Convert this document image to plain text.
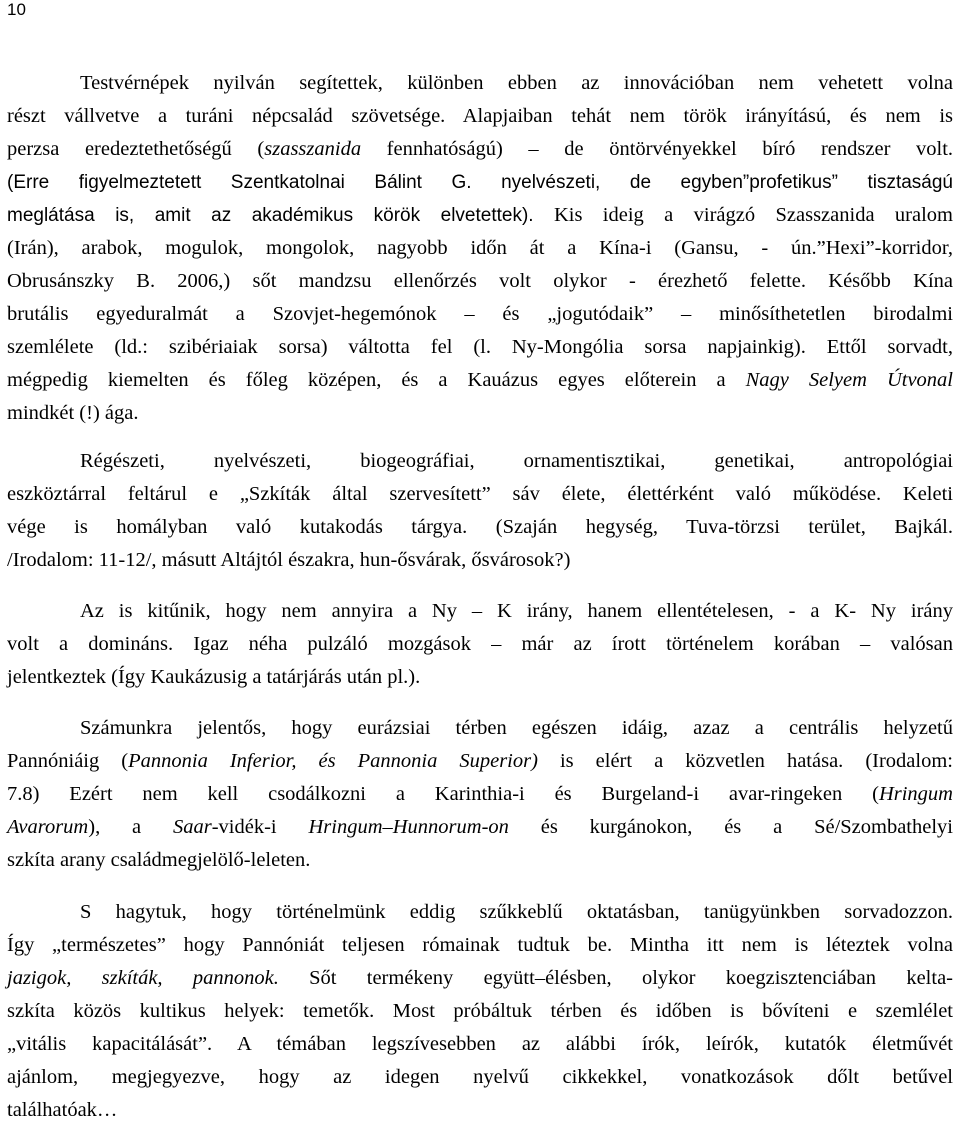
10
Testvérnépek nyilván segítettek, különben ebben az innovációban nem vehetett volna
részt vállvetve a turáni népcsalád szövetsége. Alapjaiban tehát nem török irányítású, és nem is
perzsa eredeztethetőségű (szasszanida fennhatóságú) – de öntörvényekkel bíró rendszer volt.
(Erre figyelmeztetett Szentkatolnai Bálint G. nyelvészeti, de egyben”profetikus” tisztaságú
meglátása is, amit az akadémikus körök elvetettek). Kis ideig a virágzó Szasszanida uralom
(Irán), arabok, mogulok, mongolok, nagyobb időn át a Kína-i (Gansu, - ún.”Hexi”-korridor,
Obrusánszky B. 2006,) sőt mandzsu ellenőrzés volt olykor - érezhető felette. Később Kína
brutális egyeduralmát a Szovjet-hegemónok – és „jogutódaik” – minősíthetetlen birodalmi
szemlélete (ld.: szibériaiak sorsa) váltotta fel (l. Ny-Mongólia sorsa napjainkig). Ettől sorvadt,
mégpedig kiemelten és főleg középen, és a Kauázus egyes előterein a Nagy Selyem Útvonal
mindkét (!) ága.
Régészeti, nyelvészeti, biogeográfiai, ornamentisztikai, genetikai, antropológiai
eszköztárral feltárul e „Szkíták által szervesített” sáv élete, élettérként való működése. Keleti
vége is homályban való kutakodás tárgya. (Szaján hegység, Tuva-törzsi terület, Bajkál.
/Irodalom: 11-12/, másutt Altájtól északra, hun-ősvárak, ősvárosok?)
Az is kitűnik, hogy nem annyira a Ny – K irány, hanem ellentételesen, - a K- Ny irány
volt a domináns. Igaz néha pulzáló mozgások – már az írott történelem korában – valósan
jelentkeztek (Így Kaukázusig a tatárjárás után pl.).
Számunkra jelentős, hogy eurázsiai térben egészen idáig, azaz a centrális helyzetű
Pannóniáig (Pannonia Inferior, és Pannonia Superior) is elért a közvetlen hatása. (Irodalom:
7.8) Ezért nem kell csodálkozni a Karinthia-i és Burgeland-i avar-ringeken (Hringum
Avarorum), a Saar-vidék-i Hringum–Hunnorum-on és kurgánokon, és a Sé/Szombathelyi
szkíta arany családmegjelölő-leleten.
S hagytuk, hogy történelmünk eddig szűkkeblű oktatásban, tanügyünkben sorvadozzon.
Így „természetes” hogy Pannóniát teljesen rómainak tudtuk be. Mintha itt nem is léteztek volna
jazigok, szkíták, pannonok. Sőt termékeny együtt–élésben, olykor koegzisztenciában kelta-
szkíta közös kultikus helyek: temetők. Most próbáltuk térben és időben is bővíteni e szemlélet
„vitális kapacitálását”. A témában legszívesebben az alábbi írók, leírók, kutatók életművét
ajánlom, megjegyezve, hogy az idegen nyelvű cikkekkel, vonatkozások dőlt betűvel
találhatóak…
